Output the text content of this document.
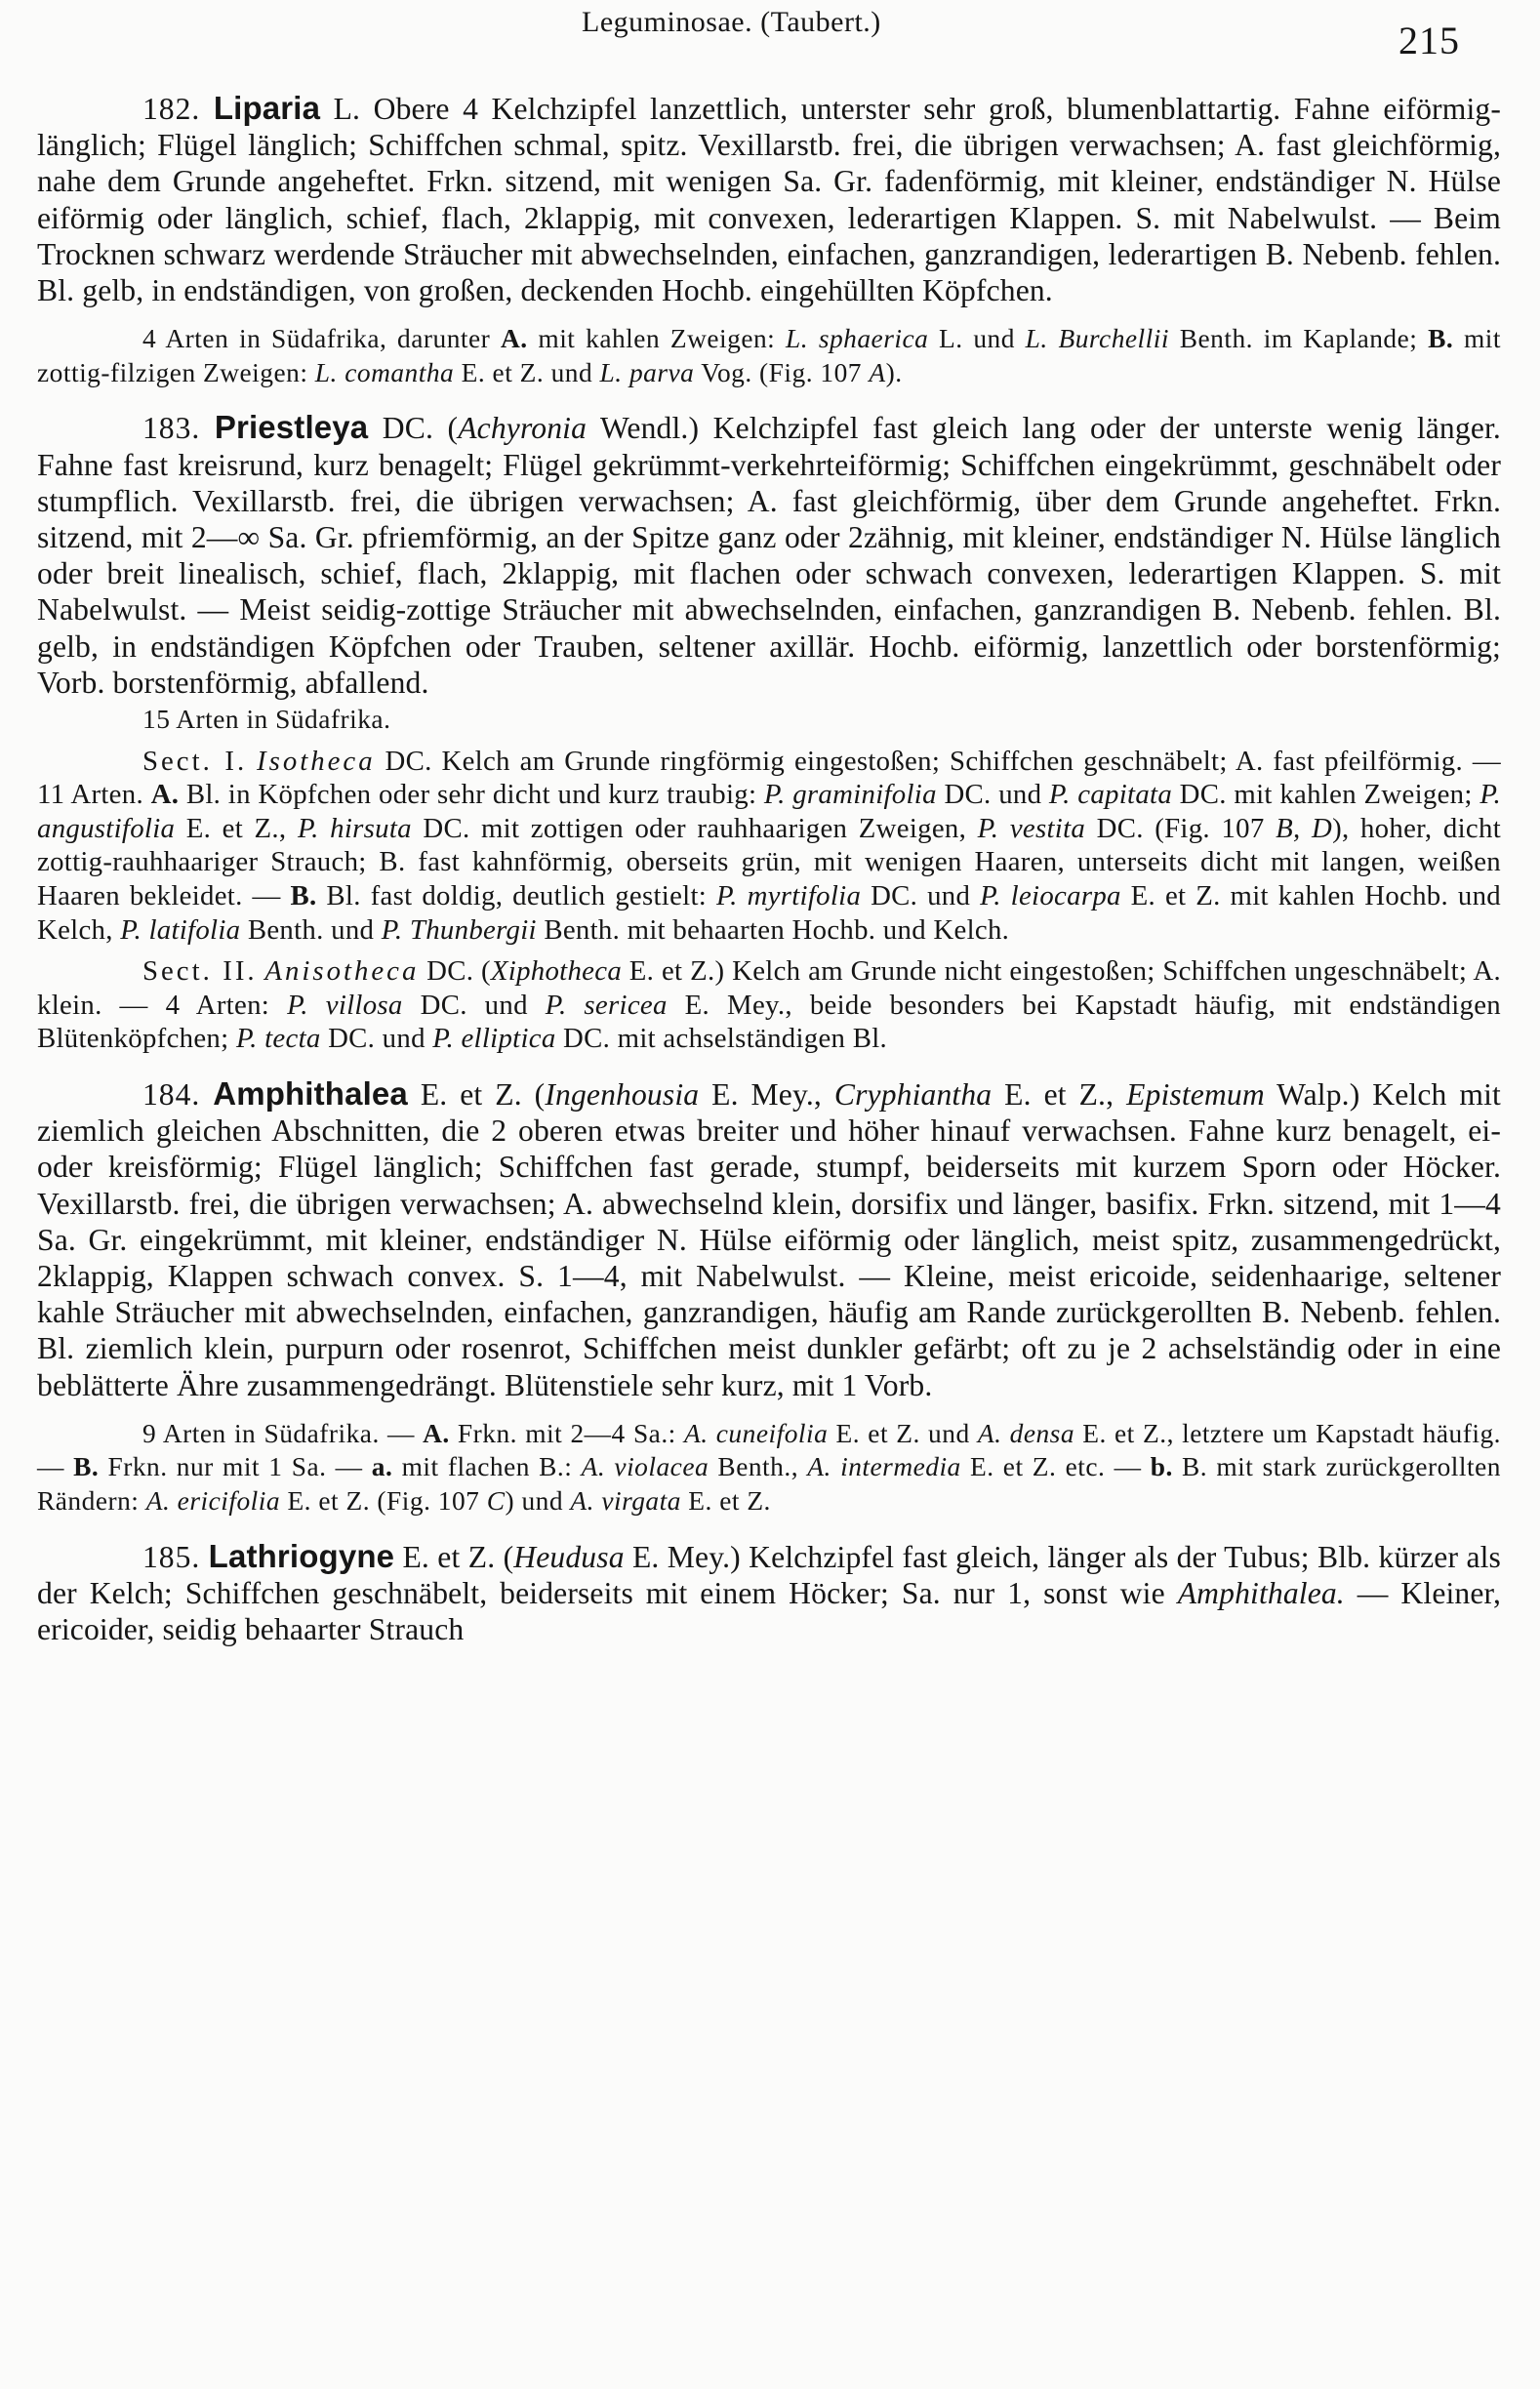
Leguminosae. (Taubert.)	215

182. Liparia L. Obere 4 Kelchzipfel lanzettlich, unterster sehr groß, blumenblattartig. Fahne eiförmig-länglich; Flügel länglich; Schiffchen schmal, spitz. Vexillarstb. frei, die übrigen verwachsen; A. fast gleichförmig, nahe dem Grunde angeheftet. Frkn. sitzend, mit wenigen Sa. Gr. fadenförmig, mit kleiner, endständiger N. Hülse eiförmig oder länglich, schief, flach, 2klappig, mit convexen, lederartigen Klappen. S. mit Nabelwulst. — Beim Trocknen schwarz werdende Sträucher mit abwechselnden, einfachen, ganzrandigen, lederartigen B. Nebenb. fehlen. Bl. gelb, in endständigen, von großen, deckenden Hochb. eingehüllten Köpfchen.

4 Arten in Südafrika, darunter A. mit kahlen Zweigen: L. sphaerica L. und L. Burchellii Benth. im Kaplande; B. mit zottig-filzigen Zweigen: L. comantha E. et Z. und L. parva Vog. (Fig. 107 A).

183. Priestleya DC. (Achyronia Wendl.) Kelchzipfel fast gleich lang oder der unterste wenig länger. Fahne fast kreisrund, kurz benagelt; Flügel gekrümmt-verkehrteiförmig; Schiffchen eingekrümmt, geschnäbelt oder stumpflich. Vexillarstb. frei, die übrigen verwachsen; A. fast gleichförmig, über dem Grunde angeheftet. Frkn. sitzend, mit 2—∞ Sa. Gr. pfriemförmig, an der Spitze ganz oder 2zähnig, mit kleiner, endständiger N. Hülse länglich oder breit linealisch, schief, flach, 2klappig, mit flachen oder schwach convexen, lederartigen Klappen. S. mit Nabelwulst. — Meist seidig-zottige Sträucher mit abwechselnden, einfachen, ganzrandigen B. Nebenb. fehlen. Bl. gelb, in endständigen Köpfchen oder Trauben, seltener axillär. Hochb. eiförmig, lanzettlich oder borstenförmig; Vorb. borstenförmig, abfallend.

15 Arten in Südafrika.

Sect. I. Isotheca DC. Kelch am Grunde ringförmig eingestoßen; Schiffchen geschnäbelt; A. fast pfeilförmig. — 11 Arten. A. Bl. in Köpfchen oder sehr dicht und kurz traubig: P. graminifolia DC. und P. capitata DC. mit kahlen Zweigen; P. angustifolia E. et Z., P. hirsuta DC. mit zottigen oder rauhhaarigen Zweigen, P. vestita DC. (Fig. 107 B, D), hoher, dicht zottig-rauhhaariger Strauch; B. fast kahnförmig, oberseits grün, mit wenigen Haaren, unterseits dicht mit langen, weißen Haaren bekleidet. — B. Bl. fast doldig, deutlich gestielt: P. myrtifolia DC. und P. leiocarpa E. et Z. mit kahlen Hochb. und Kelch, P. latifolia Benth. und P. Thunbergii Benth. mit behaarten Hochb. und Kelch.

Sect. II. Anisotheca DC. (Xiphotheca E. et Z.) Kelch am Grunde nicht eingestoßen; Schiffchen ungeschnäbelt; A. klein. — 4 Arten: P. villosa DC. und P. sericea E. Mey., beide besonders bei Kapstadt häufig, mit endständigen Blütenköpfchen; P. tecta DC. und P. elliptica DC. mit achselständigen Bl.

184. Amphithalea E. et Z. (Ingenhousia E. Mey., Cryphiantha E. et Z., Epistemum Walp.) Kelch mit ziemlich gleichen Abschnitten, die 2 oberen etwas breiter und höher hinauf verwachsen. Fahne kurz benagelt, ei- oder kreisförmig; Flügel länglich; Schiffchen fast gerade, stumpf, beiderseits mit kurzem Sporn oder Höcker. Vexillarstb. frei, die übrigen verwachsen; A. abwechselnd klein, dorsifix und länger, basifix. Frkn. sitzend, mit 1—4 Sa. Gr. eingekrümmt, mit kleiner, endständiger N. Hülse eiförmig oder länglich, meist spitz, zusammengedrückt, 2klappig, Klappen schwach convex. S. 1—4, mit Nabelwulst. — Kleine, meist ericoide, seidenhaarige, seltener kahle Sträucher mit abwechselnden, einfachen, ganzrandigen, häufig am Rande zurückgerollten B. Nebenb. fehlen. Bl. ziemlich klein, purpurn oder rosenrot, Schiffchen meist dunkler gefärbt; oft zu je 2 achselständig oder in eine beblätterte Ähre zusammengedrängt. Blütenstiele sehr kurz, mit 1 Vorb.

9 Arten in Südafrika. — A. Frkn. mit 2—4 Sa.: A. cuneifolia E. et Z. und A. densa E. et Z., letztere um Kapstadt häufig. — B. Frkn. nur mit 1 Sa. — a. mit flachen B.: A. violacea Benth., A. intermedia E. et Z. etc. — b. B. mit stark zurückgerollten Rändern: A. ericifolia E. et Z. (Fig. 107 C) und A. virgata E. et Z.

185. Lathriogyne E. et Z. (Heudusa E. Mey.) Kelchzipfel fast gleich, länger als der Tubus; Blb. kürzer als der Kelch; Schiffchen geschnäbelt, beiderseits mit einem Höcker; Sa. nur 1, sonst wie Amphithalea. — Kleiner, ericoider, seidig behaarter Strauch
